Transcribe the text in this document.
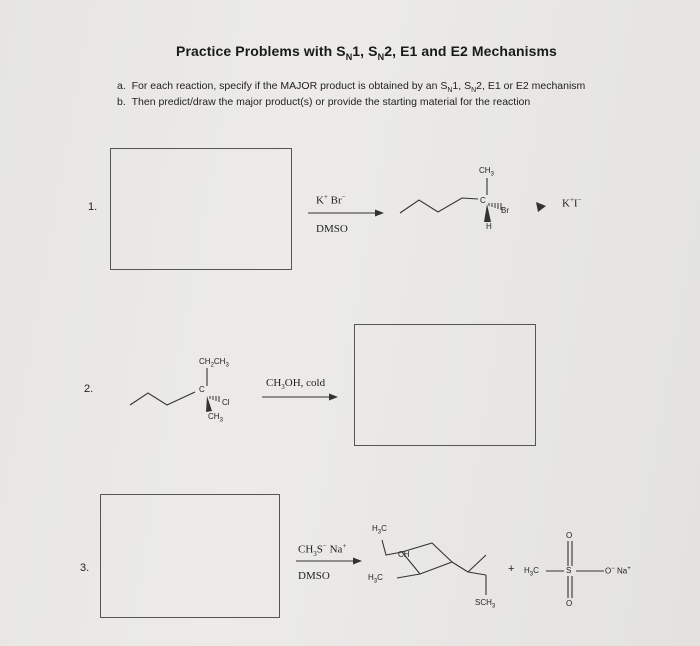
Practice Problems with $S_N1$, $S_N2$, E1 and E2 Mechanisms
a. For each reaction, specify if the MAJOR product is obtained by an $S_N1$, $S_N2$, E1 or E2 mechanism
b. Then predict/draw the major product(s) or provide the starting material for the reaction
1.
2.
3.
K+ Br−
DMSO
$CH_3$
C
Br
H
K+I−
$CH_2CH_3$
C
Cl
$CH_3$
$CH_3OH$, cold
$CH_3S^-$ Na+
DMSO
$H_3C$
CH
$H_3C$
$SCH_3$
+ $H_3C$	S
O
O
O− Na+
